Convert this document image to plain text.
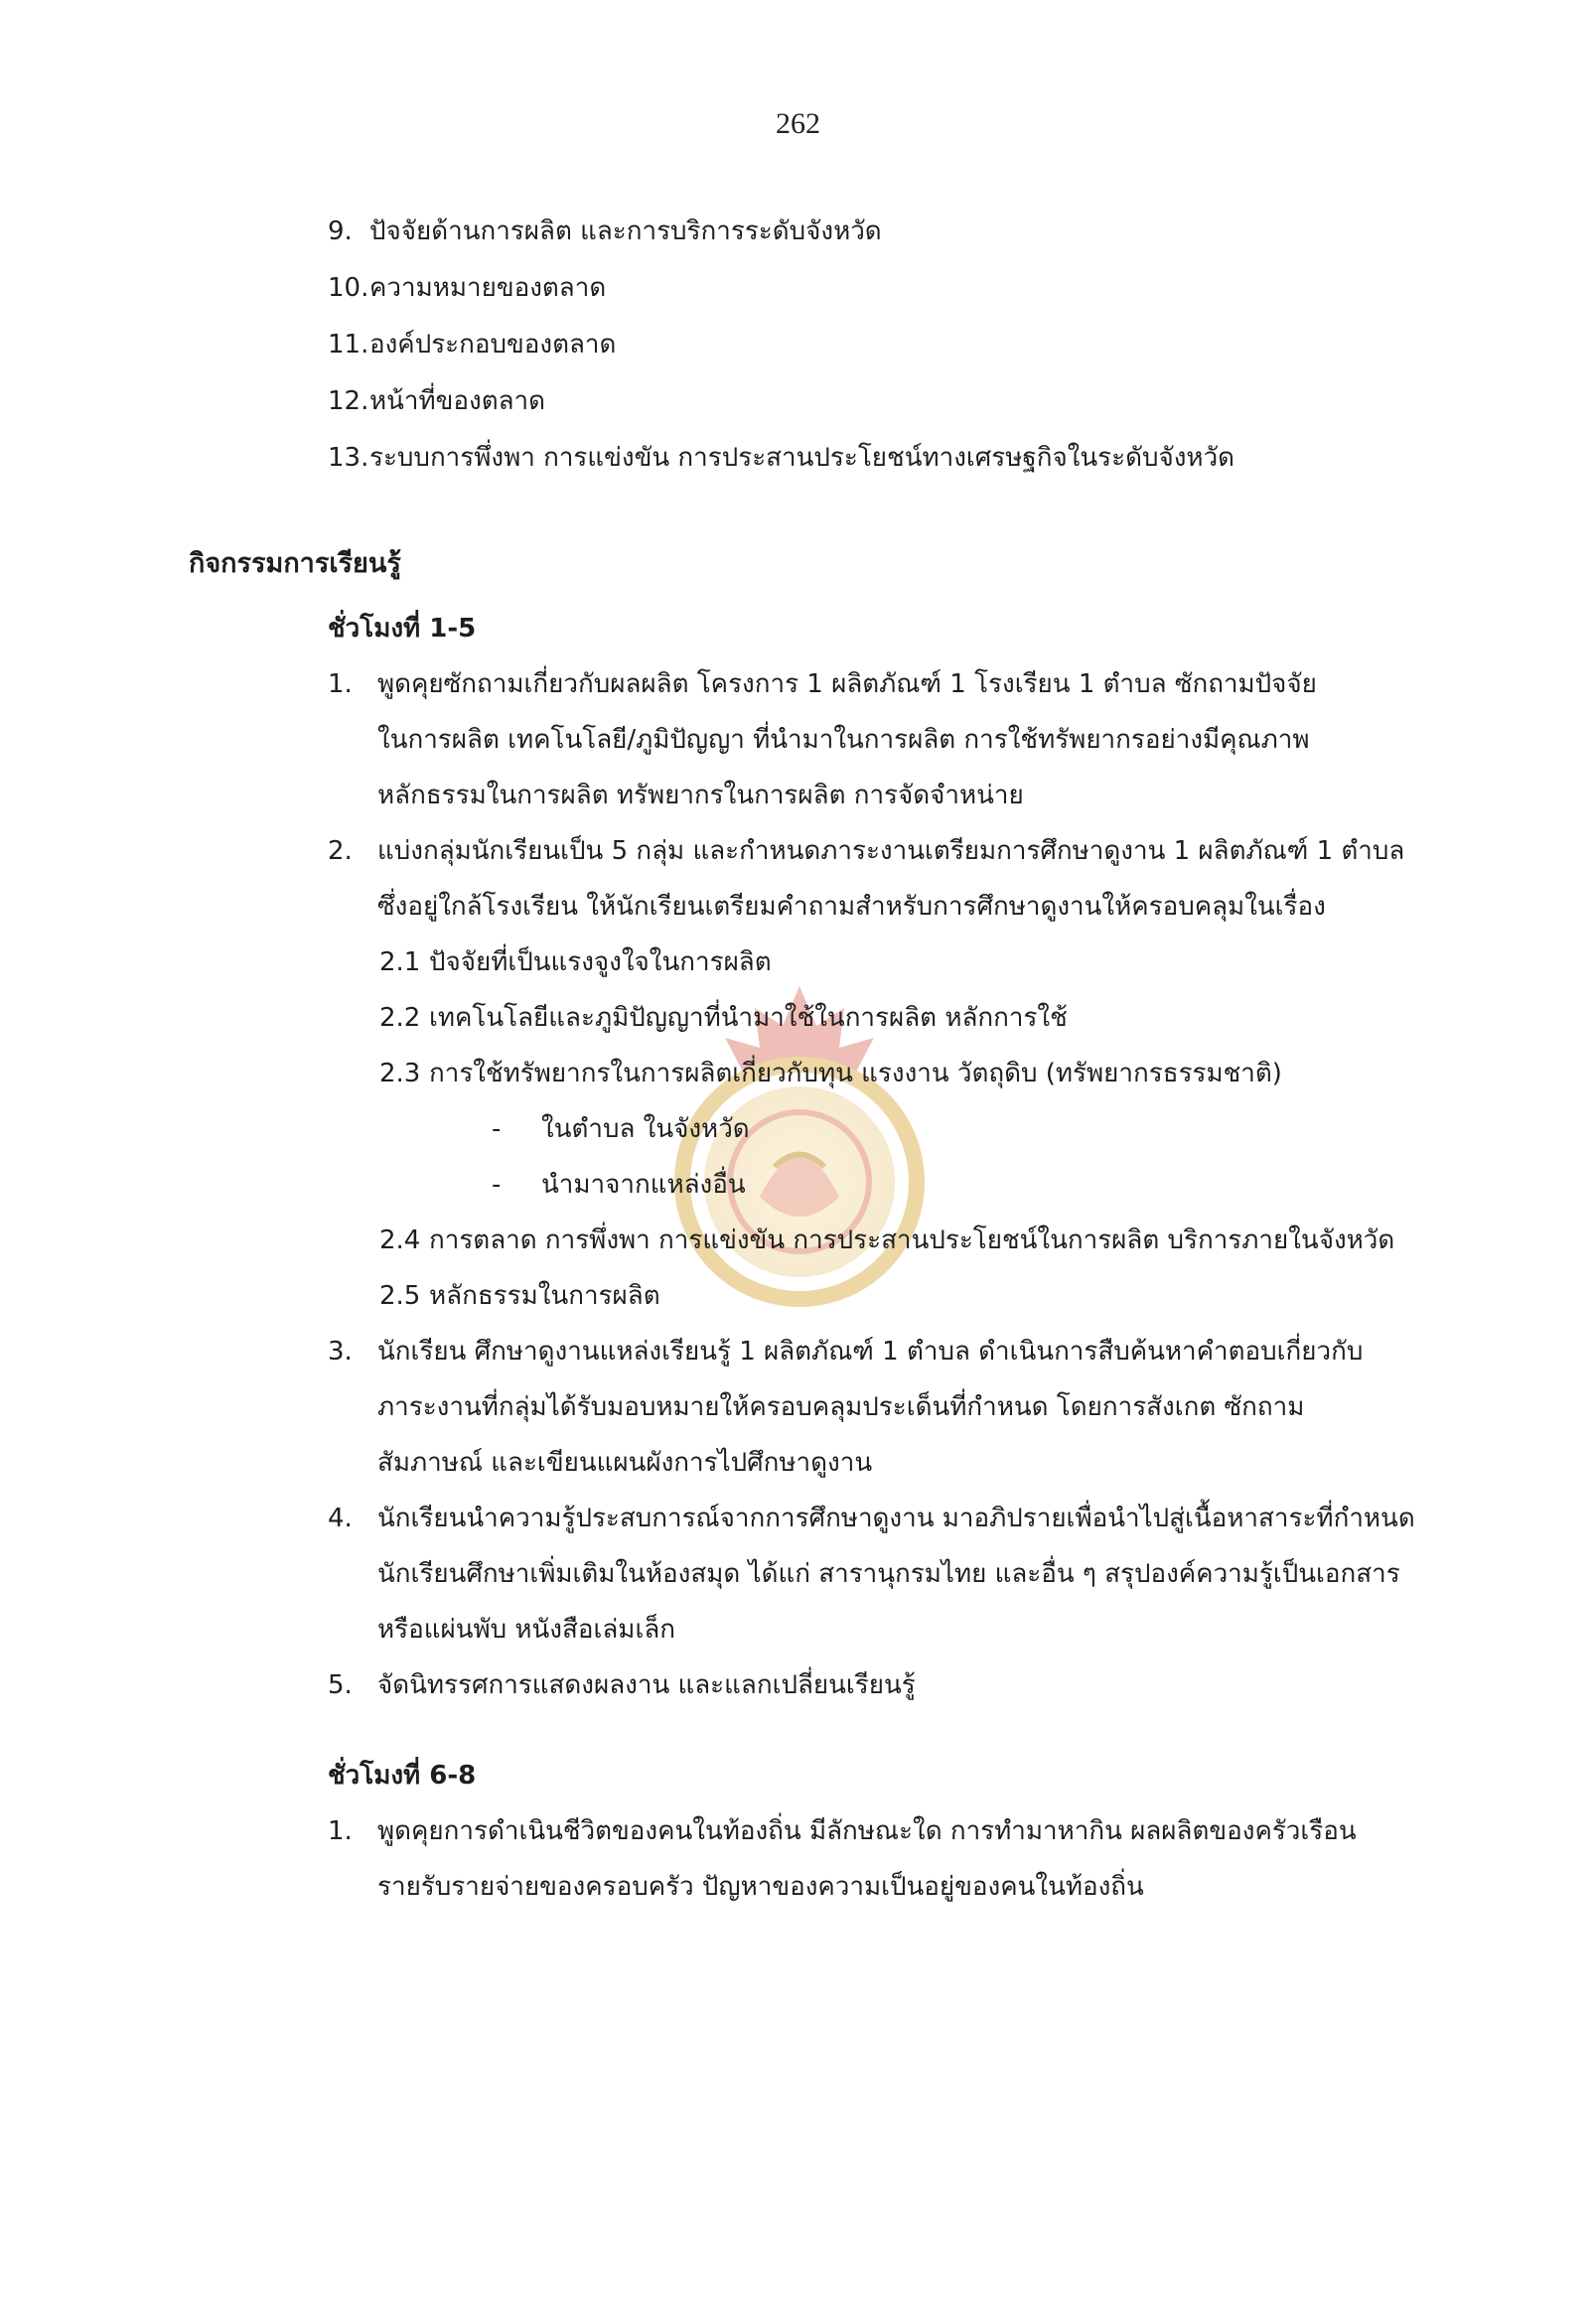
262
9. ปัจจัยด้านการผลิต และการบริการระดับจังหวัด
10.ความหมายของตลาด
11.องค์ประกอบของตลาด
12.หน้าที่ของตลาด
13.ระบบการพึ่งพา การแข่งขัน การประสานประโยชน์ทางเศรษฐกิจในระดับจังหวัด
กิจกรรมการเรียนรู้
ชั่วโมงที่ 1-5
1. พูดคุยซักถามเกี่ยวกับผลผลิต โครงการ 1 ผลิตภัณฑ์ 1 โรงเรียน 1 ตำบล ซักถามปัจจัย
ในการผลิต เทคโนโลยี/ภูมิปัญญา ที่นำมาในการผลิต การใช้ทรัพยากรอย่างมีคุณภาพ
หลักธรรมในการผลิต ทรัพยากรในการผลิต การจัดจำหน่าย
2. แบ่งกลุ่มนักเรียนเป็น 5 กลุ่ม และกำหนดภาระงานเตรียมการศึกษาดูงาน 1 ผลิตภัณฑ์ 1 ตำบล
ซึ่งอยู่ใกล้โรงเรียน ให้นักเรียนเตรียมคำถามสำหรับการศึกษาดูงานให้ครอบคลุมในเรื่อง
2.1 ปัจจัยที่เป็นแรงจูงใจในการผลิต
2.2 เทคโนโลยีและภูมิปัญญาที่นำมาใช้ในการผลิต หลักการใช้
2.3 การใช้ทรัพยากรในการผลิตเกี่ยวกับทุน แรงงาน วัตถุดิบ (ทรัพยากรธรรมชาติ)
- ในตำบล ในจังหวัด
- นำมาจากแหล่งอื่น
2.4 การตลาด การพึ่งพา การแข่งขัน การประสานประโยชน์ในการผลิต บริการภายในจังหวัด
2.5 หลักธรรมในการผลิต
3. นักเรียน ศึกษาดูงานแหล่งเรียนรู้ 1 ผลิตภัณฑ์ 1 ตำบล ดำเนินการสืบค้นหาคำตอบเกี่ยวกับ
ภาระงานที่กลุ่มได้รับมอบหมายให้ครอบคลุมประเด็นที่กำหนด โดยการสังเกต ซักถาม
สัมภาษณ์ และเขียนแผนผังการไปศึกษาดูงาน
4. นักเรียนนำความรู้ประสบการณ์จากการศึกษาดูงาน มาอภิปรายเพื่อนำไปสู่เนื้อหาสาระที่กำหนด
นักเรียนศึกษาเพิ่มเติมในห้องสมุด ได้แก่ สารานุกรมไทย และอื่น ๆ สรุปองค์ความรู้เป็นเอกสาร
หรือแผ่นพับ หนังสือเล่มเล็ก
5. จัดนิทรรศการแสดงผลงาน และแลกเปลี่ยนเรียนรู้
ชั่วโมงที่ 6-8
1. พูดคุยการดำเนินชีวิตของคนในท้องถิ่น มีลักษณะใด การทำมาหากิน ผลผลิตของครัวเรือน
รายรับรายจ่ายของครอบครัว ปัญหาของความเป็นอยู่ของคนในท้องถิ่น
